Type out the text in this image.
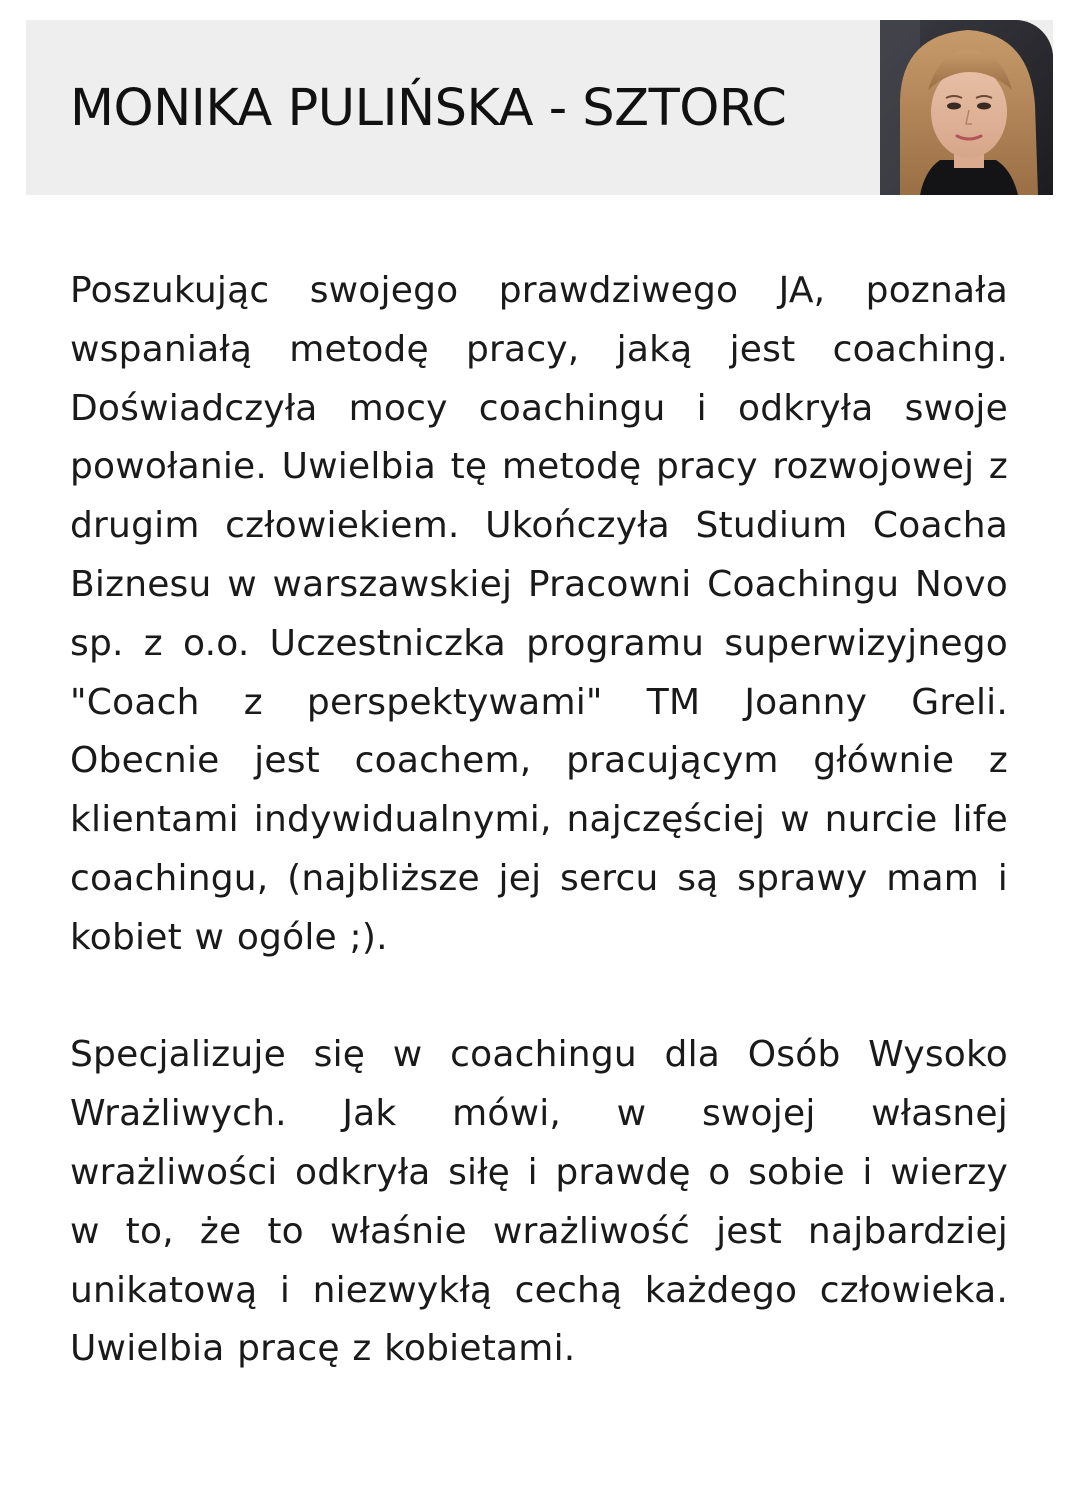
MONIKA PULIŃSKA - SZTORC

Poszukując swojego prawdziwego JA, poznała wspaniałą metodę pracy, jaką jest coaching. Doświadczyła mocy coachingu i odkryła swoje powołanie. Uwielbia tę metodę pracy rozwojowej z drugim człowiekiem. Ukończyła Studium Coacha Biznesu w warszawskiej Pracowni Coachingu Novo sp. z o.o. Uczestniczka programu superwizyjnego "Coach z perspektywami" TM Joanny Greli. Obecnie jest coachem, pracującym głównie z klientami indywidualnymi, najczęściej w nurcie life coachingu, (najbliższe jej sercu są sprawy mam i kobiet w ogóle ;).

Specjalizuje się w coachingu dla Osób Wysoko Wrażliwych. Jak mówi, w swojej własnej wrażliwości odkryła siłę i prawdę o sobie i wierzy w to, że to właśnie wrażliwość jest najbardziej unikatową i niezwykłą cechą każdego człowieka. Uwielbia pracę z kobietami.
